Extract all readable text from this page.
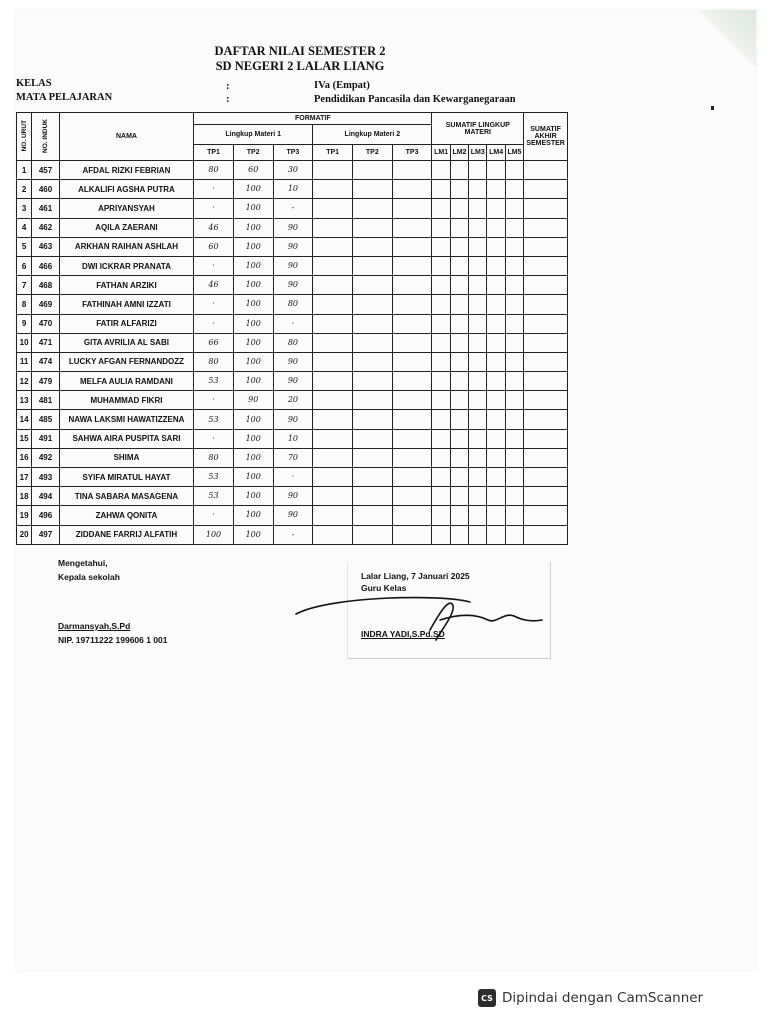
DAFTAR NILAI SEMESTER 2
SD NEGERI 2 LALAR LIANG
KELAS	:	IVa (Empat)
MATA PELAJARAN	:	Pendidikan Pancasila dan Kewarganegaraan
NO. URUT	NO. INDUK	NAMA	FORMATIF						SUMATIF LINGKUP MATERI					SUMATIF AKHIR SEMESTER
			Lingkup Materi 1			Lingkup Materi 2								
			TP1	TP2	TP3	TP1	TP2	TP3	LM1	LM2	LM3	LM4	LM5	
1	457	AFDAL RIZKI FEBRIAN	80	60	30									
2	460	ALKALIFI AGSHA PUTRA	·	100	10									
3	461	APRIYANSYAH	·	100	-									
4	462	AQILA ZAERANI	46	100	90									
5	463	ARKHAN RAIHAN ASHLAH	60	100	90									
6	466	DWI ICKRAR PRANATA	·	100	90									
7	468	FATHAN ARZIKI	46	100	90									
8	469	FATHINAH AMNI IZZATI	·	100	80									
9	470	FATIR ALFARIZI	·	100	·									
10	471	GITA AVRILIA AL SABI	66	100	80									
11	474	LUCKY AFGAN FERNANDOZZ	80	100	90									
12	479	MELFA AULIA RAMDANI	53	100	90									
13	481	MUHAMMAD FIKRI	·	90	20									
14	485	NAWA LAKSMI HAWATIZZENA	53	100	90									
15	491	SAHWA AIRA PUSPITA SARI	·	100	10									
16	492	SHIMA	80	100	70									
17	493	SYIFA MIRATUL HAYAT	53	100	·									
18	494	TINA SABARA MASAGENA	53	100	90									
19	496	ZAHWA QONITA	·	100	90									
20	497	ZIDDANE FARRIJ ALFATIH	100	100	-									
Mengetahui,
Kepala sekolah
Darmansyah,S.Pd
NIP. 19711222 199606 1 001
Lalar Liang, 7 Januari 2025
Guru Kelas
INDRA YADI,S.Pd.SD
CS Dipindai dengan CamScanner
